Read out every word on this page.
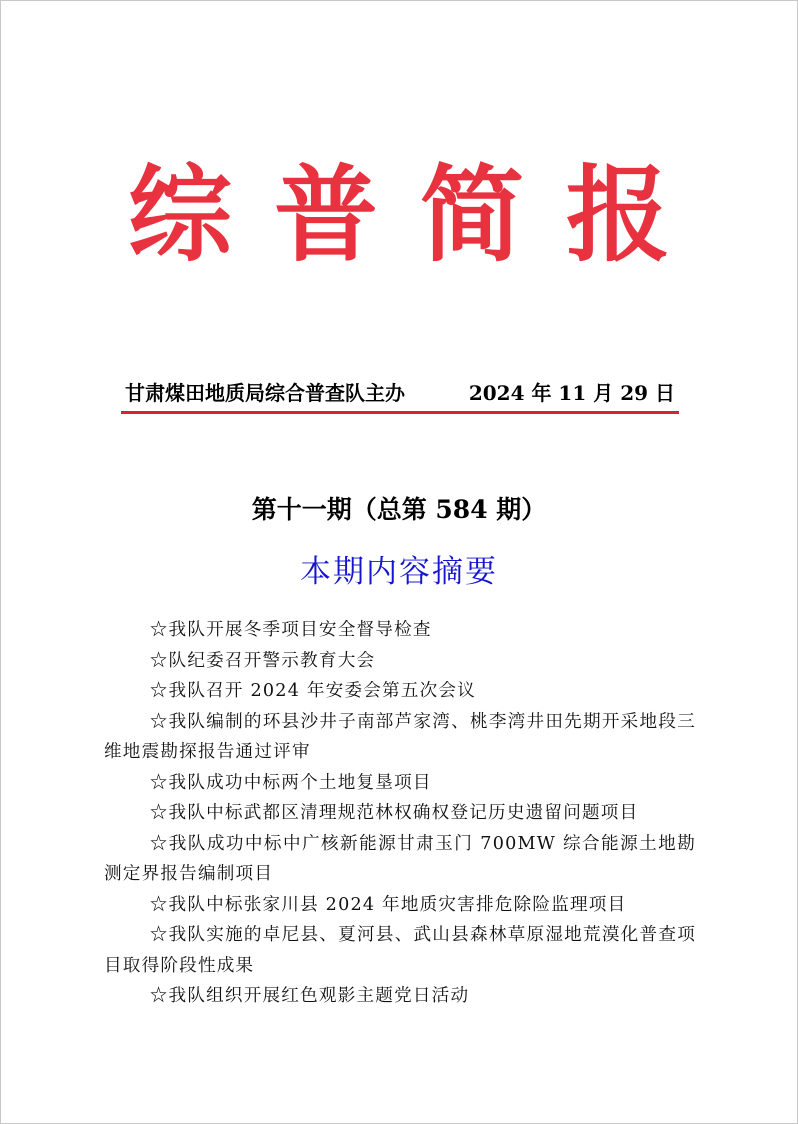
综普简报
甘肃煤田地质局综合普查队主办	2024 年 11 月 29 日
第十一期（总第 584 期）
本期内容摘要
☆我队开展冬季项目安全督导检查
☆队纪委召开警示教育大会
☆我队召开 2024 年安委会第五次会议
☆我队编制的环县沙井子南部芦家湾、桃李湾井田先期开采地段三维地震勘探报告通过评审
☆我队成功中标两个土地复垦项目
☆我队中标武都区清理规范林权确权登记历史遗留问题项目
☆我队成功中标中广核新能源甘肃玉门 700MW 综合能源土地勘测定界报告编制项目
☆我队中标张家川县 2024 年地质灾害排危除险监理项目
☆我队实施的卓尼县、夏河县、武山县森林草原湿地荒漠化普查项目取得阶段性成果
☆我队组织开展红色观影主题党日活动
